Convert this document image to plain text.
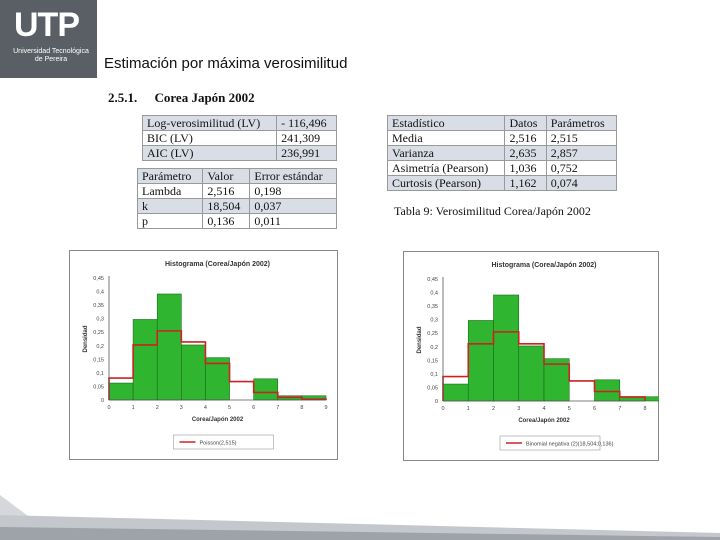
UTP
Universidad Tecnológica
de Pereira	Estimación por máxima verosimilitud
2.5.1. Corea Japón 2002
Log-verosimilitud (LV)	- 116,496
BIC (LV)	241,309
AIC (LV)	236,991
Parámetro	Valor	Error estándar
Lambda	2,516	0,198
k	18,504	0,037
p	0,136	0,011
Estadístico	Datos	Parámetros
Media	2,516	2,515
Varianza	2,635	2,857
Asimetría (Pearson)	1,036	0,752
Curtosis (Pearson)	1,162	0,074
Tabla 9: Verosimilitud Corea/Japón 2002
Histograma (Corea/Japón 2002)
0
0,05
0,1
0,15
0,2
0,25
0,3
0,35
0,4
0,45
0	1	2	3	4	5	6	7	8	9
Corea/Japón 2002
Densidad
Poisson(2,515)
Histograma (Corea/Japón 2002)
0
0,05
0,1
0,15
0,2
0,25
0,3
0,35
0,4
0,45
0	1	2	3	4	5	6	7	8
Corea/Japón 2002
Densidad
Binomial negativa (2)(18,504;0,136)
